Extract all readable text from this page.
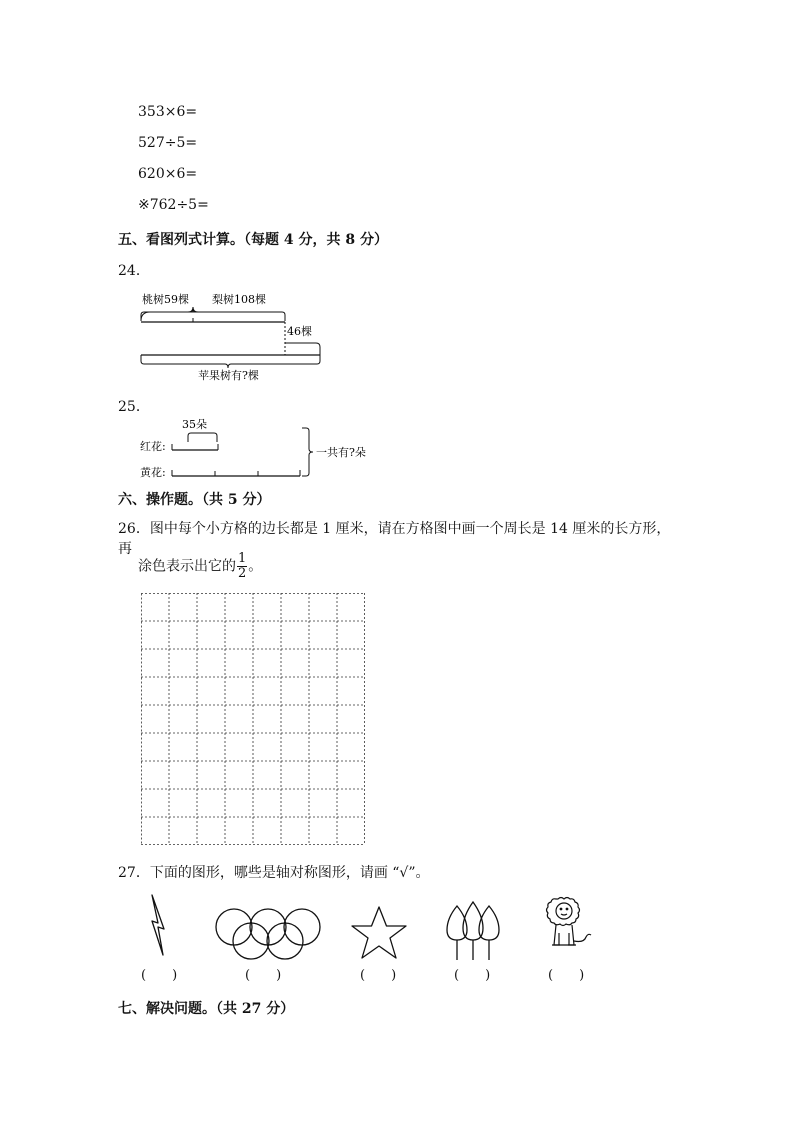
353×6=
527÷5=
620×6=
※762÷5=
五、看图列式计算。（每题 4 分，共 8 分）
24．
桃树59棵 梨树108棵
46棵
苹果树有?棵
25．
35朵
红花:
黄花:
一共有?朵
六、操作题。（共 5 分）
26．图中每个小方格的边长都是 1 厘米，请在方格图中画一个周长是 14 厘米的长方形，再
涂色表示出它的 $\frac{1}{2}$ 。
27．下面的图形，哪些是轴对称图形，请画 “√”。
(　　)	(　　)	(　　)	(　　)	(　　)
七、解决问题。（共 27 分）
